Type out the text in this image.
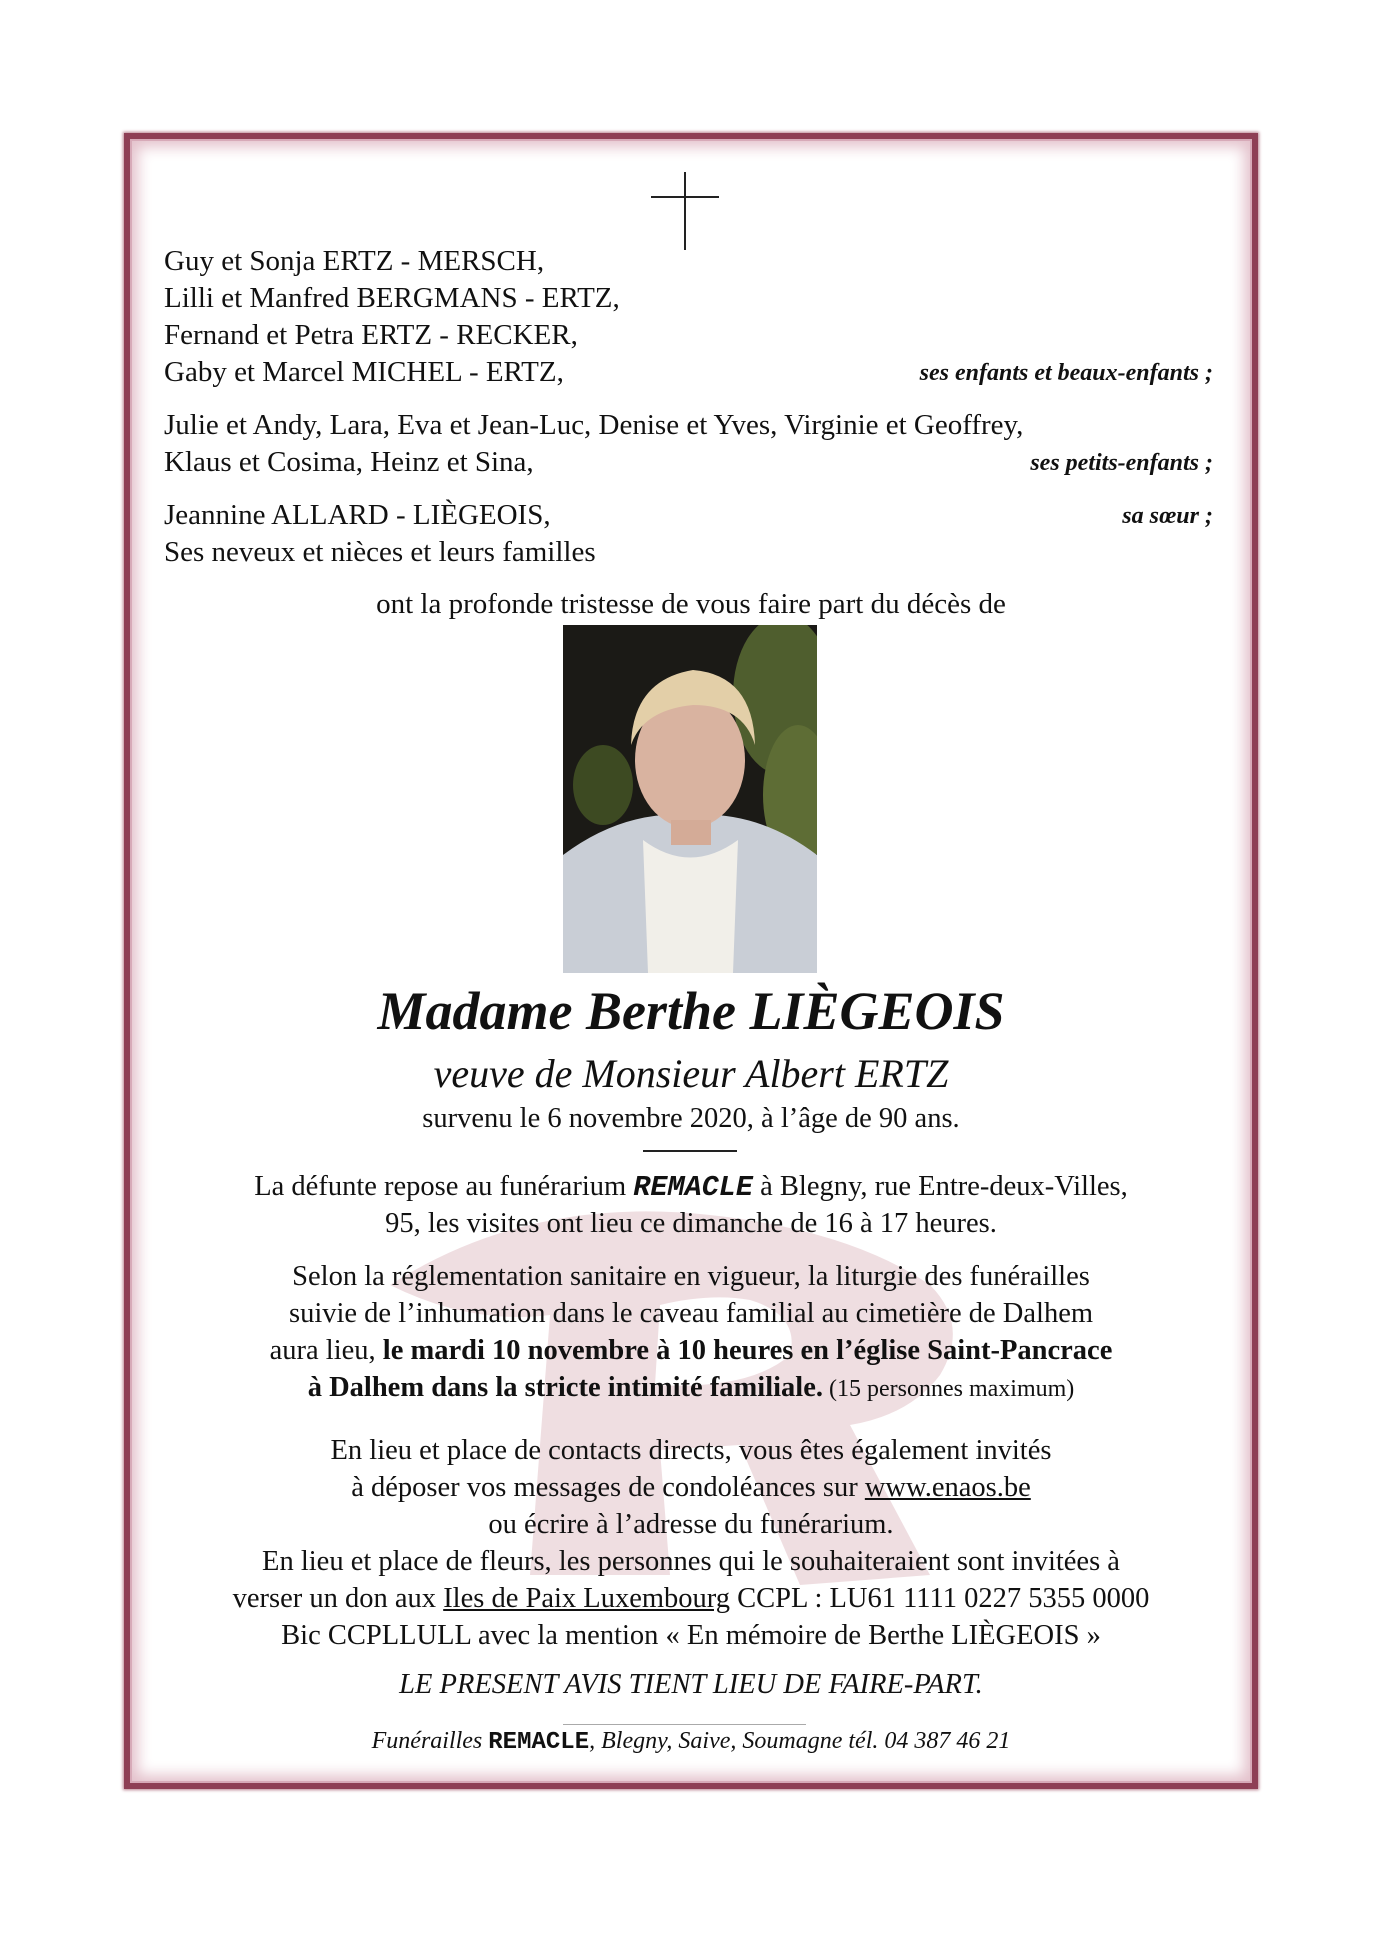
Guy et Sonja ERTZ - MERSCH,
Lilli et Manfred BERGMANS - ERTZ,
Fernand et Petra ERTZ - RECKER,
Gaby et Marcel MICHEL - ERTZ,	ses enfants et beaux-enfants ;
Julie et Andy, Lara, Eva et Jean-Luc, Denise et Yves, Virginie et Geoffrey,
Klaus et Cosima, Heinz et Sina,	ses petits-enfants ;
Jeannine ALLARD - LIÈGEOIS,	sa sœur ;
Ses neveux et nièces et leurs familles
ont la profonde tristesse de vous faire part du décès de
Madame Berthe LIÈGEOIS
veuve de Monsieur Albert ERTZ
survenu le 6 novembre 2020, à l’âge de 90 ans.
La défunte repose au funérarium REMACLE à Blegny, rue Entre-deux-Villes,
95, les visites ont lieu ce dimanche de 16 à 17 heures.
Selon la réglementation sanitaire en vigueur, la liturgie des funérailles
suivie de l’inhumation dans le caveau familial au cimetière de Dalhem
aura lieu, le mardi 10 novembre à 10 heures en l’église Saint-Pancrace
à Dalhem dans la stricte intimité familiale. (15 personnes maximum)
En lieu et place de contacts directs, vous êtes également invités
à déposer vos messages de condoléances sur www.enaos.be
ou écrire à l’adresse du funérarium.
En lieu et place de fleurs, les personnes qui le souhaiteraient sont invitées à
verser un don aux Iles de Paix Luxembourg CCPL : LU61 1111 0227 5355 0000
Bic CCPLLULL avec la mention « En mémoire de Berthe LIÈGEOIS »
LE PRESENT AVIS TIENT LIEU DE FAIRE-PART.
Funérailles REMACLE, Blegny, Saive, Soumagne tél. 04 387 46 21
